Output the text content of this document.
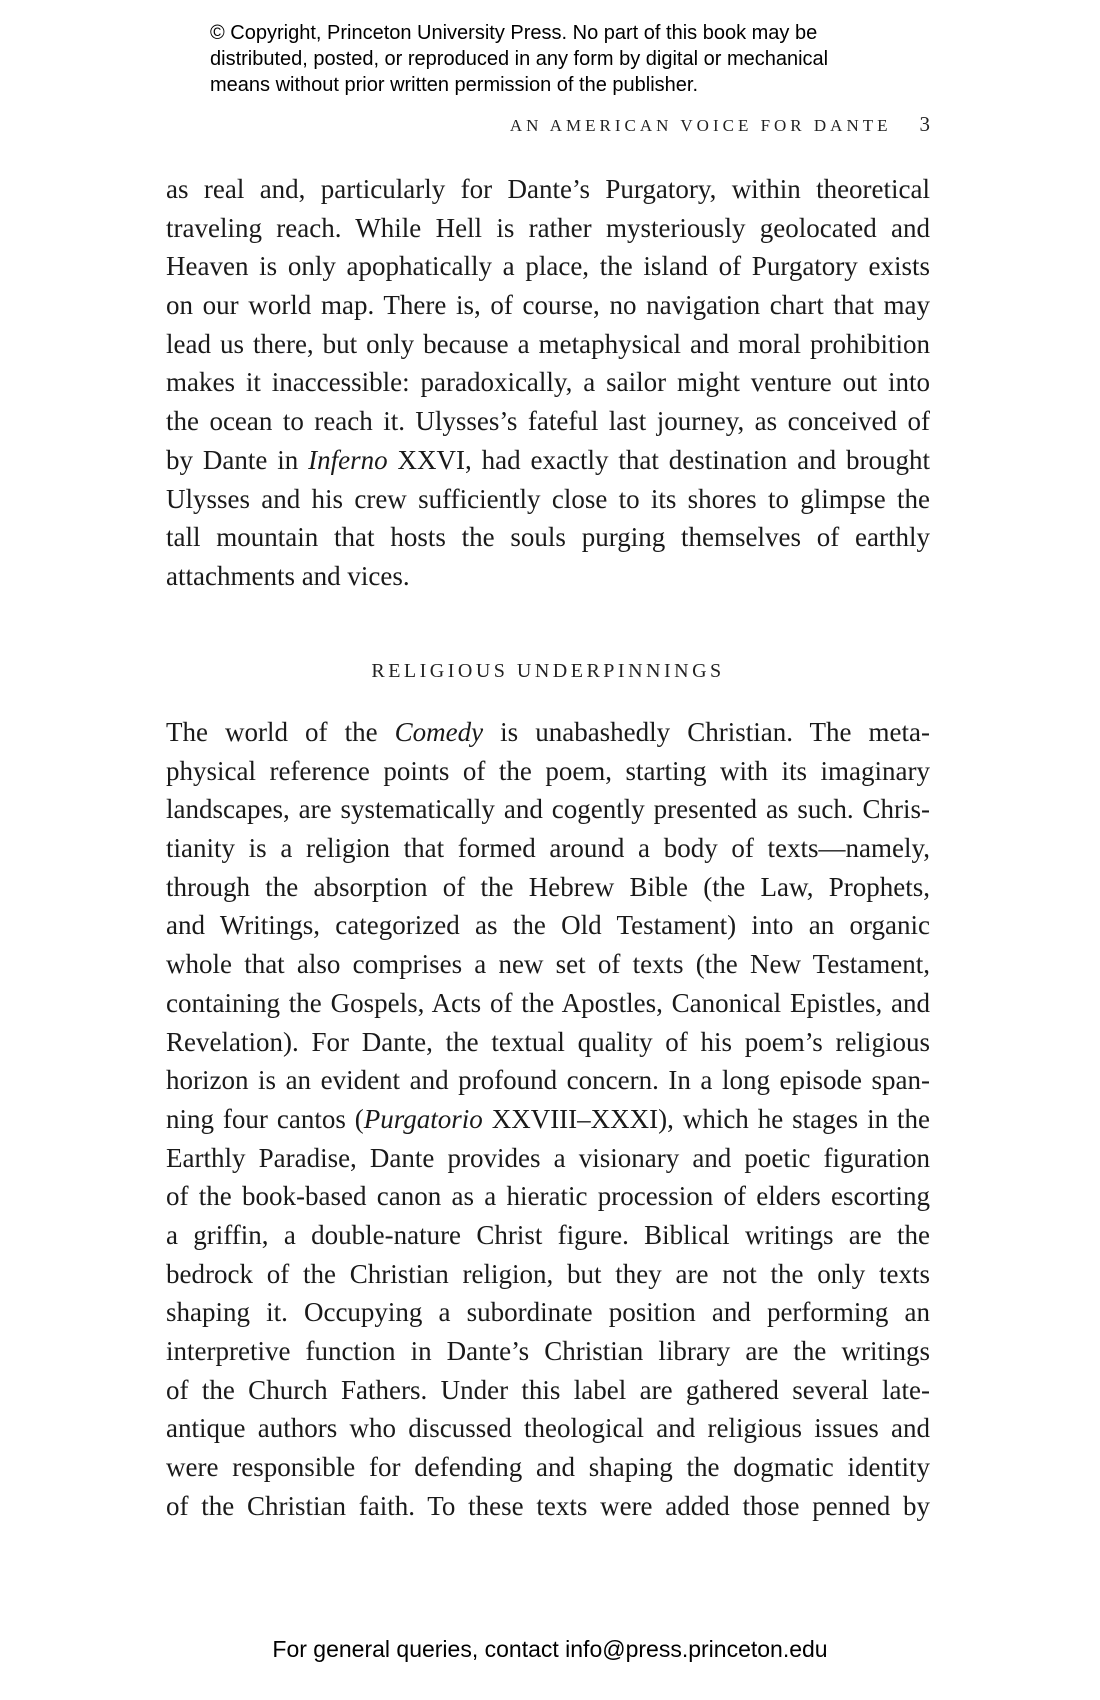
© Copyright, Princeton University Press. No part of this book may be
distributed, posted, or reproduced in any form by digital or mechanical
means without prior written permission of the publisher.
AN AMERICAN VOICE FOR DANTE 3
as real and, particularly for Dante’s Purgatory, within theoretical
traveling reach. While Hell is rather mysteriously geolocated and
Heaven is only apophatically a place, the island of Purgatory exists
on our world map. There is, of course, no navigation chart that may
lead us there, but only because a metaphysical and moral prohibition
makes it inaccessible: paradoxically, a sailor might venture out into
the ocean to reach it. Ulysses’s fateful last journey, as conceived of
by Dante in Inferno XXVI, had exactly that destination and brought
Ulysses and his crew sufficiently close to its shores to glimpse the
tall mountain that hosts the souls purging themselves of earthly
attachments and vices.
RELIGIOUS UNDERPINNINGS
The world of the Comedy is unabashedly Christian. The meta-
physical reference points of the poem, starting with its imaginary
landscapes, are systematically and cogently presented as such. Chris-
tianity is a religion that formed around a body of texts—namely,
through the absorption of the Hebrew Bible (the Law, Prophets,
and Writings, categorized as the Old Testament) into an organic
whole that also comprises a new set of texts (the New Testament,
containing the Gospels, Acts of the Apostles, Canonical Epistles, and
Revelation). For Dante, the textual quality of his poem’s religious
horizon is an evident and profound concern. In a long episode span-
ning four cantos (Purgatorio XXVIII–XXXI), which he stages in the
Earthly Paradise, Dante provides a visionary and poetic figuration
of the book-based canon as a hieratic procession of elders escorting
a griffin, a double-nature Christ figure. Biblical writings are the
bedrock of the Christian religion, but they are not the only texts
shaping it. Occupying a subordinate position and performing an
interpretive function in Dante’s Christian library are the writings
of the Church Fathers. Under this label are gathered several late-
antique authors who discussed theological and religious issues and
were responsible for defending and shaping the dogmatic identity
of the Christian faith. To these texts were added those penned by
For general queries, contact info@press.princeton.edu
